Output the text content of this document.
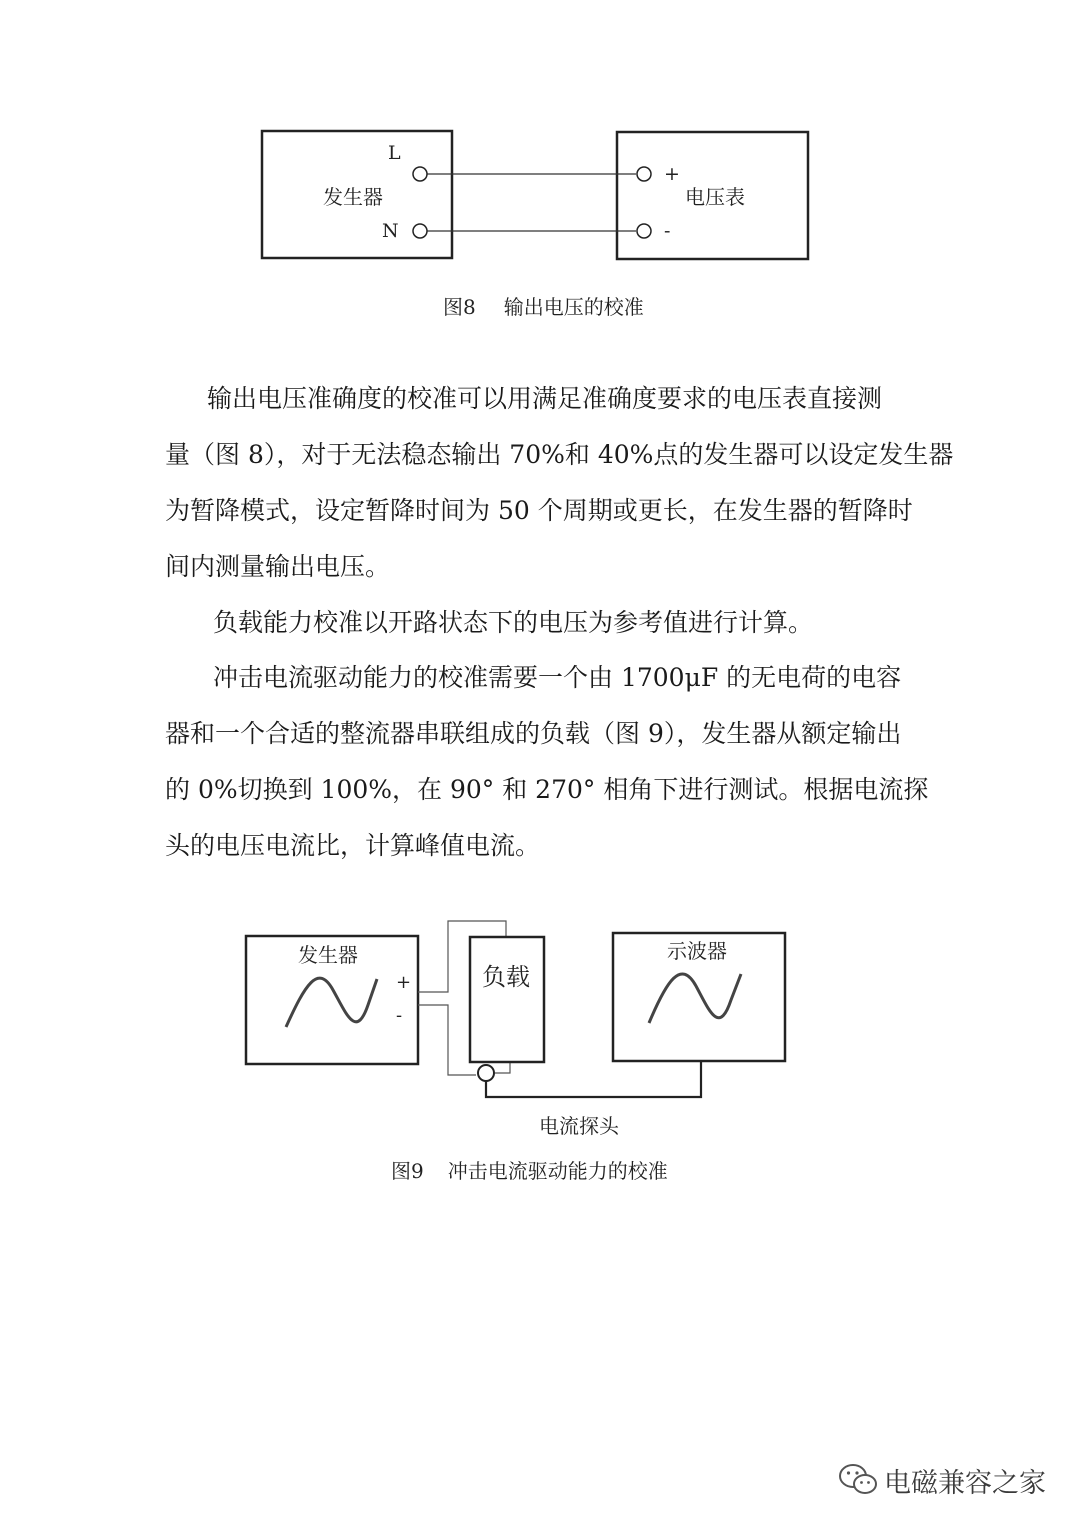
L
N
发生器
+
-
电压表
图8 输出电压的校准
输出电压准确度的校准可以用满足准确度要求的电压表直接测
量（图 8），对于无法稳态输出 70%和 40%点的发生器可以设定发生器
为暂降模式，设定暂降时间为 50 个周期或更长，在发生器的暂降时
间内测量输出电压。
负载能力校准以开路状态下的电压为参考值进行计算。
冲击电流驱动能力的校准需要一个由 1700μF 的无电荷的电容
器和一个合适的整流器串联组成的负载（图 9），发生器从额定输出
的 0%切换到 100%，在 90° 和 270° 相角下进行测试。根据电流探
头的电压电流比，计算峰值电流。
发生器
+
-
负载
示波器
电流探头
图9 冲击电流驱动能力的校准
电磁兼容之家
